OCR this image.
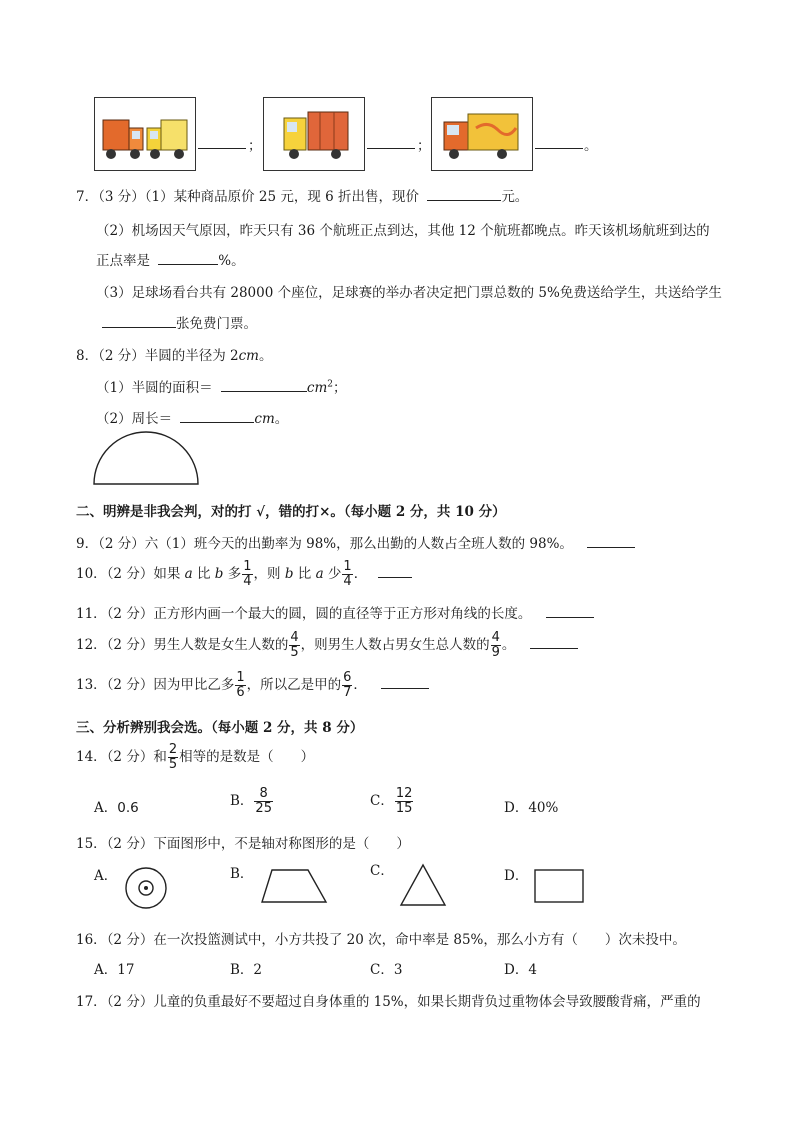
；	；	。
7．（3 分）（1）某种商品原价 25 元，现 6 折出售，现价	元。
（2）机场因天气原因，昨天只有 36 个航班正点到达，其他 12 个航班都晚点。昨天该机场航班到达的
正点率是	%。
（3）足球场看台共有 28000 个座位，足球赛的举办者决定把门票总数的 5%免费送给学生，共送给学生
张免费门票。
8．（2 分）半圆的半径为 2cm。
（1）半圆的面积＝	$cm^2$；
（2）周长＝	cm。
二、明辨是非我会判，对的打 √，错的打×。（每小题 2 分，共 10 分）
9．（2 分）六（1）班今天的出勤率为 98%，那么出勤的人数占全班人数的 98%。
10．（2 分）如果 a 比 b 多 $\frac{1}{4}$ ，则 b 比 a 少 $\frac{1}{4}$ ．
11．（2 分）正方形内画一个最大的圆，圆的直径等于正方形对角线的长度。
12．（2 分）男生人数是女生人数的 $\frac{4}{5}$ ，则男生人数占男女生总人数的 $\frac{4}{9}$ 。
13．（2 分）因为甲比乙多 $\frac{1}{6}$ ，所以乙是甲的 $\frac{6}{7}$ ．
三、分析辨别我会选。（每小题 2 分，共 8 分）
14．（2 分）和 $\frac{2}{5}$ 相等的是数是（　　）
A．0.6	B． $\frac{8}{25}$	C． $\frac{12}{15}$	D．40%
15．（2 分）下面图形中，不是轴对称图形的是（　　）
A．	B．	C．	D．
16．（2 分）在一次投篮测试中，小方共投了 20 次，命中率是 85%，那么小方有（　　）次未投中。
A．17	B．2	C．3	D．4
17．（2 分）儿童的负重最好不要超过自身体重的 15%，如果长期背负过重物体会导致腰酸背痛，严重的
